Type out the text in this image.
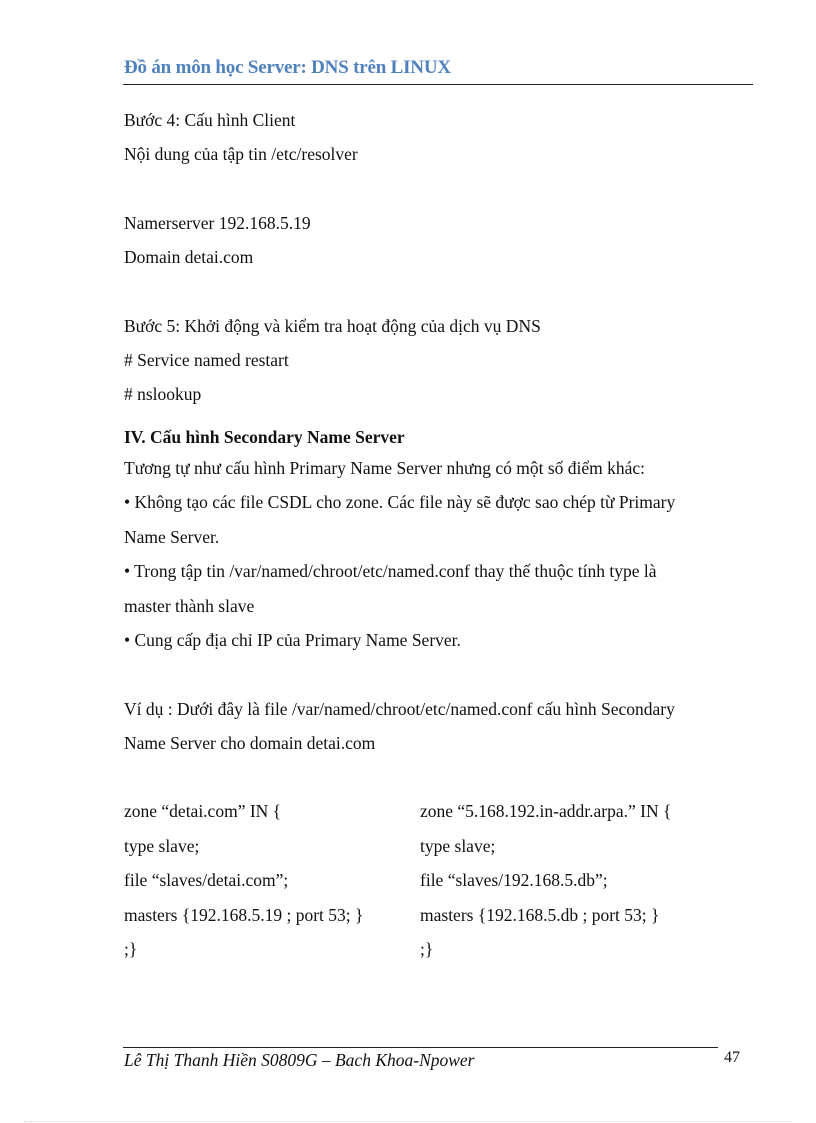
Đồ án môn học Server: DNS trên LINUX
Bước 4: Cấu hình Client
Nội dung của tập tin /etc/resolver
Namerserver 192.168.5.19
Domain detai.com
Bước 5: Khởi động và kiểm tra hoạt động của dịch vụ DNS
# Service named restart
# nslookup
IV. Cấu hình Secondary Name Server
Tương tự như cấu hình Primary Name Server nhưng có một số điểm khác:
• Không tạo các file CSDL cho zone. Các file này sẽ được sao chép từ Primary
Name Server.
• Trong tập tin /var/named/chroot/etc/named.conf thay thế thuộc tính type là
master thành slave
• Cung cấp địa chỉ IP của Primary Name Server.
Ví dụ : Dưới đây là file /var/named/chroot/etc/named.conf cấu hình Secondary
Name Server cho domain detai.com
zone “detai.com” IN {
type slave;
file “slaves/detai.com”;
masters {192.168.5.19 ; port 53; }
;}
zone “5.168.192.in-addr.arpa.” IN {
type slave;
file “slaves/192.168.5.db”;
masters {192.168.5.db ; port 53; }
;}
Lê Thị Thanh Hiền S0809G – Bach Khoa-Npower	47
